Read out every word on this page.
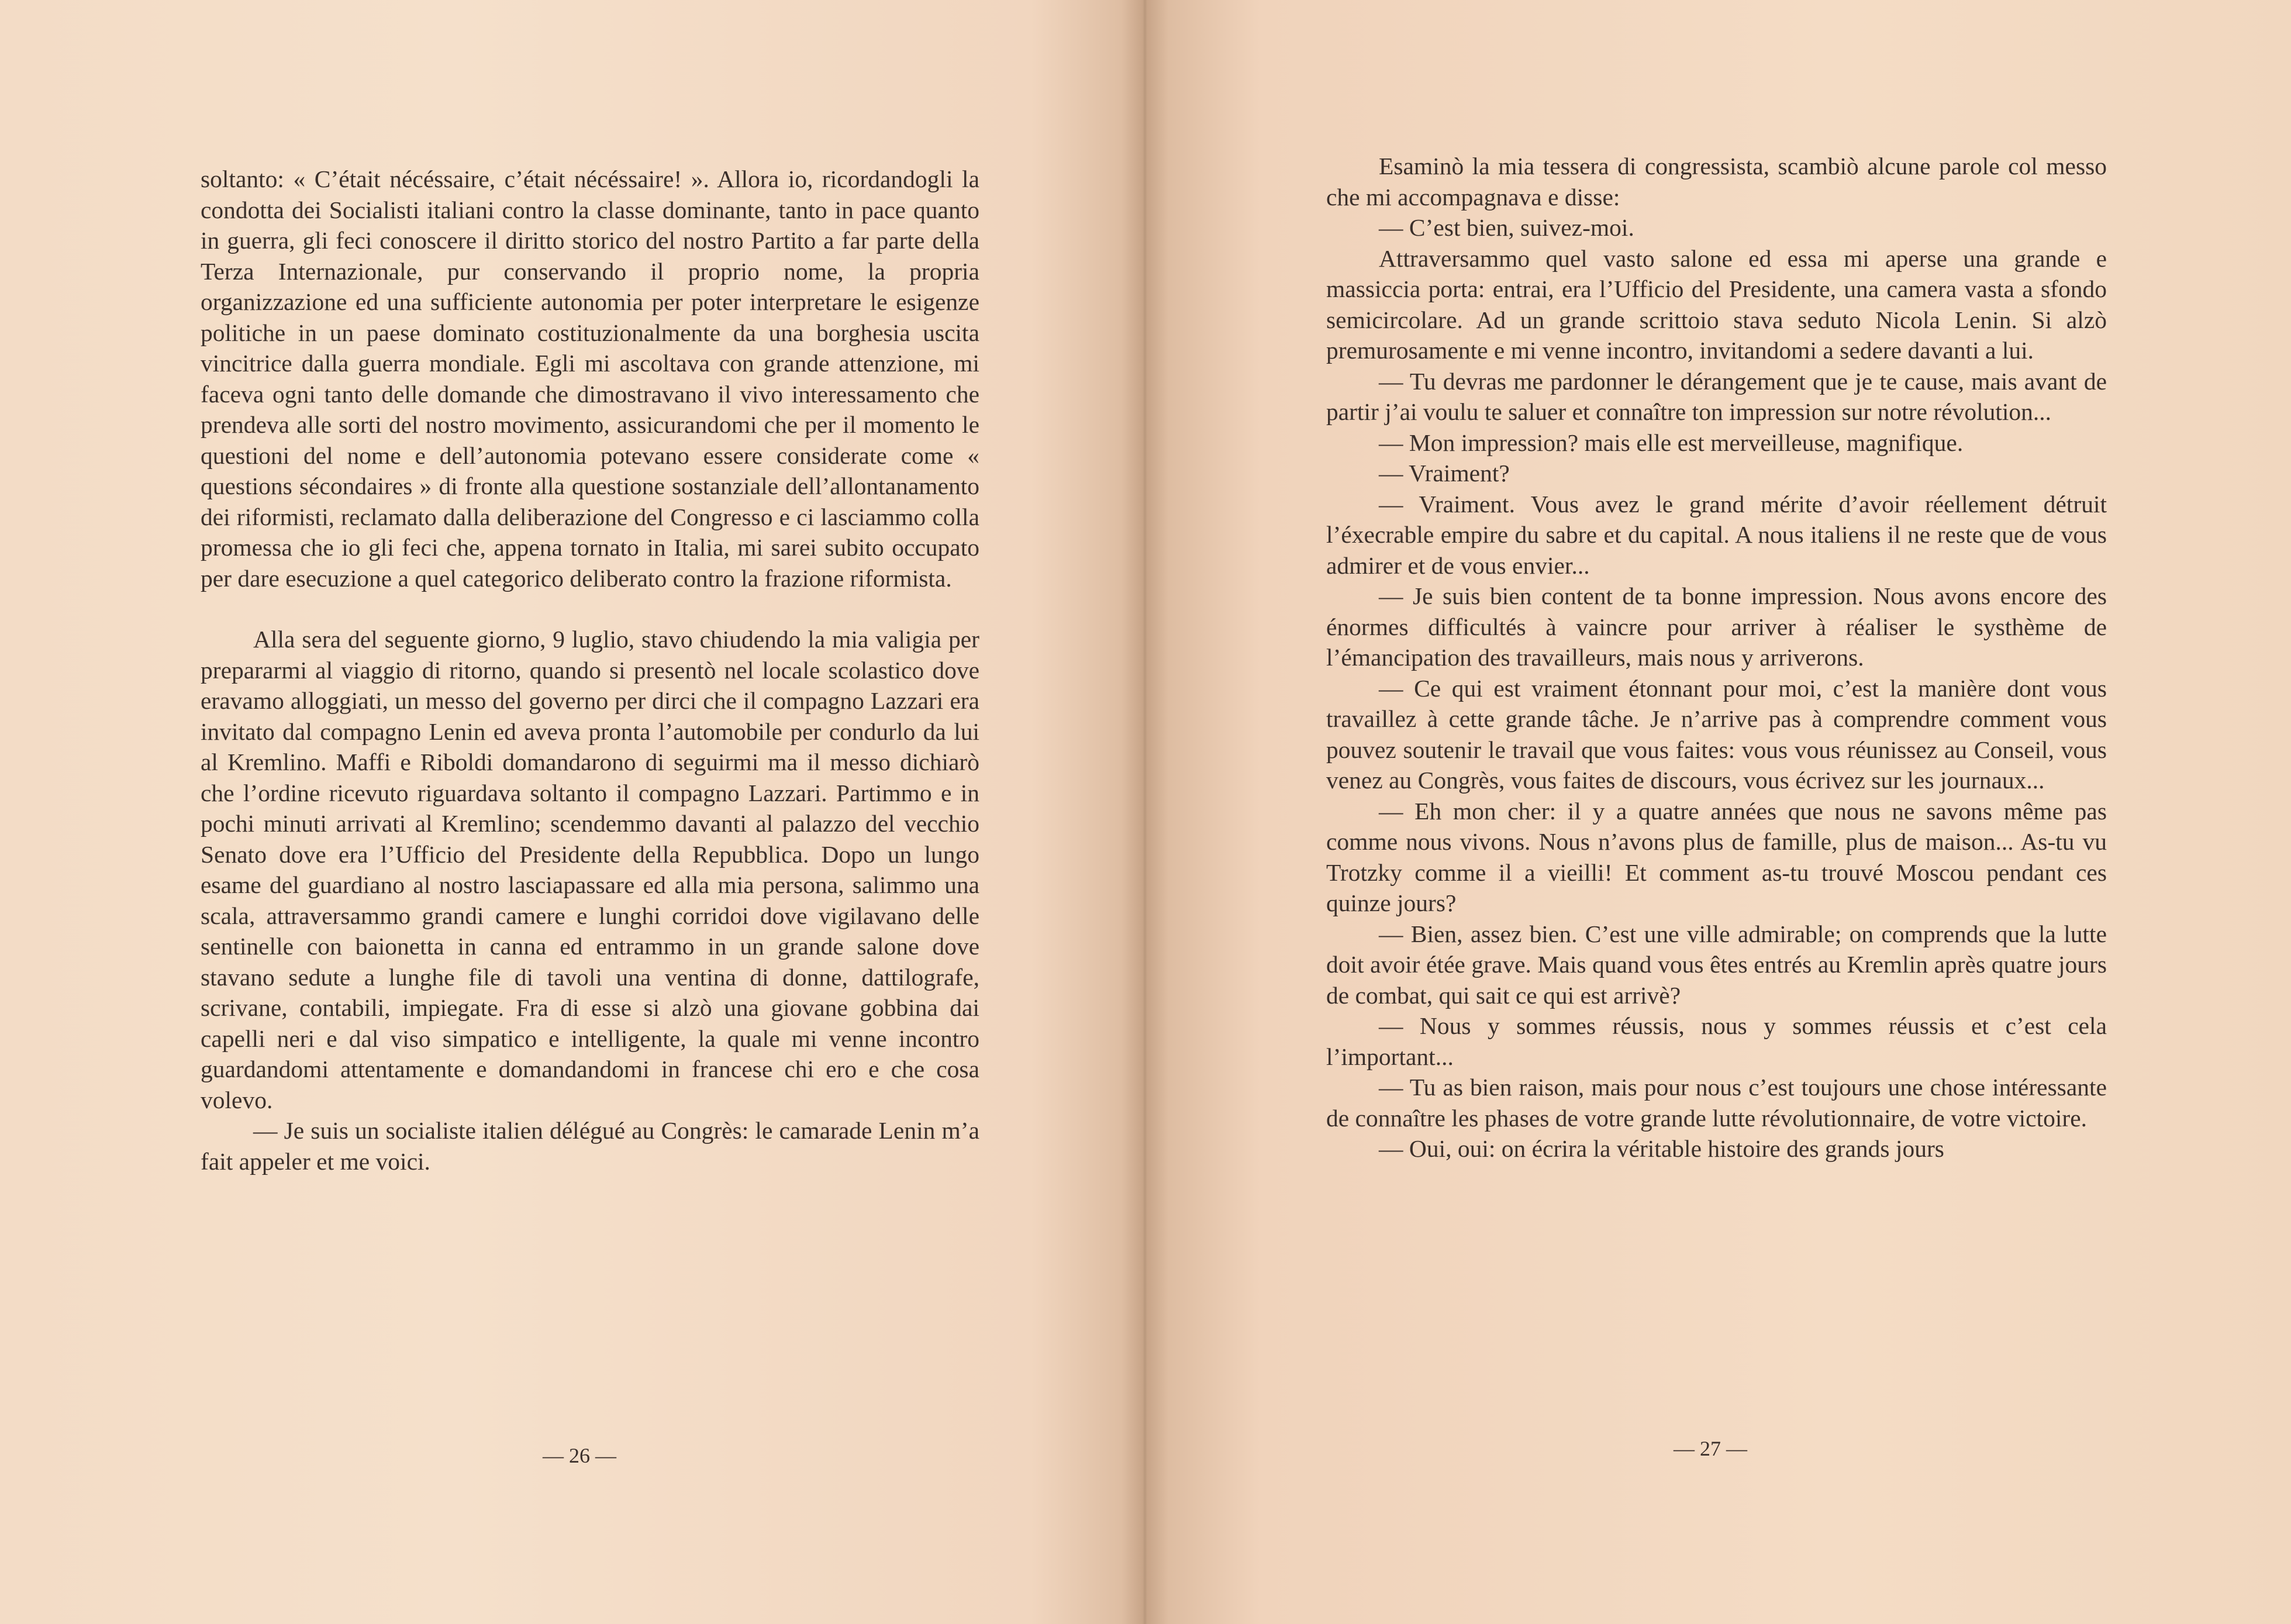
soltanto: « C’était nécéssaire, c’était nécéssaire! ». Allora io, ricordandogli la condotta dei Socialisti italiani contro la classe dominante, tanto in pace quanto in guerra, gli feci conoscere il diritto storico del nostro Partito a far parte della Terza Internazionale, pur conservando il proprio nome, la propria organizzazione ed una sufficiente autonomia per poter interpretare le esigenze politiche in un paese dominato costituzionalmente da una borghesia uscita vincitrice dalla guerra mondiale. Egli mi ascoltava con grande attenzione, mi faceva ogni tanto delle domande che dimostravano il vivo interessamento che prendeva alle sorti del nostro movimento, assicurandomi che per il momento le questioni del nome e dell’autonomia potevano essere considerate come « questions sécondaires » di fronte alla questione sostanziale dell’allontanamento dei riformisti, reclamato dalla deliberazione del Congresso e ci lasciammo colla promessa che io gli feci che, appena tornato in Italia, mi sarei subito occupato per dare esecuzione a quel categorico deliberato contro la frazione riformista.

Alla sera del seguente giorno, 9 luglio, stavo chiudendo la mia valigia per prepararmi al viaggio di ritorno, quando si presentò nel locale scolastico dove eravamo alloggiati, un messo del governo per dirci che il compagno Lazzari era invitato dal compagno Lenin ed aveva pronta l’automobile per condurlo da lui al Kremlino. Maffi e Riboldi domandarono di seguirmi ma il messo dichiarò che l’ordine ricevuto riguardava soltanto il compagno Lazzari. Partimmo e in pochi minuti arrivati al Kremlino; scendemmo davanti al palazzo del vecchio Senato dove era l’Ufficio del Presidente della Repubblica. Dopo un lungo esame del guardiano al nostro lasciapassare ed alla mia persona, salimmo una scala, attraversammo grandi camere e lunghi corridoi dove vigilavano delle sentinelle con baionetta in canna ed entrammo in un grande salone dove stavano sedute a lunghe file di tavoli una ventina di donne, dattilografe, scrivane, contabili, impiegate. Fra di esse si alzò una giovane gobbina dai capelli neri e dal viso simpatico e intelligente, la quale mi venne incontro guardandomi attentamente e domandandomi in francese chi ero e che cosa volevo.

— Je suis un socialiste italien délégué au Congrès: le camarade Lenin m’a fait appeler et me voici.

— 26 —

Esaminò la mia tessera di congressista, scambiò alcune parole col messo che mi accompagnava e disse:

— C’est bien, suivez-moi.

Attraversammo quel vasto salone ed essa mi aperse una grande e massiccia porta: entrai, era l’Ufficio del Presidente, una camera vasta a sfondo semicircolare. Ad un grande scrittoio stava seduto Nicola Lenin. Si alzò premurosamente e mi venne incontro, invitandomi a sedere davanti a lui.

— Tu devras me pardonner le dérangement que je te cause, mais avant de partir j’ai voulu te saluer et connaître ton impression sur notre révolution...

— Mon impression? mais elle est merveilleuse, magnifique.

— Vraiment?

— Vraiment. Vous avez le grand mérite d’avoir réellement détruit l’éxecrable empire du sabre et du capital. A nous italiens il ne reste que de vous admirer et de vous envier...

— Je suis bien content de ta bonne impression. Nous avons encore des énormes difficultés à vaincre pour arriver à réaliser le systhème de l’émancipation des travailleurs, mais nous y arriverons.

— Ce qui est vraiment étonnant pour moi, c’est la manière dont vous travaillez à cette grande tâche. Je n’arrive pas à comprendre comment vous pouvez soutenir le travail que vous faites: vous vous réunissez au Conseil, vous venez au Congrès, vous faites de discours, vous écrivez sur les journaux...

— Eh mon cher: il y a quatre années que nous ne savons même pas comme nous vivons. Nous n’avons plus de famille, plus de maison... As-tu vu Trotzky comme il a vieilli! Et comment as-tu trouvé Moscou pendant ces quinze jours?

— Bien, assez bien. C’est une ville admirable; on comprends que la lutte doit avoir étée grave. Mais quand vous êtes entrés au Kremlin après quatre jours de combat, qui sait ce qui est arrivè?

— Nous y sommes réussis, nous y sommes réussis et c’est cela l’important...

— Tu as bien raison, mais pour nous c’est toujours une chose intéressante de connaître les phases de votre grande lutte révolutionnaire, de votre victoire.

— Oui, oui: on écrira la véritable histoire des grands jours

— 27 —
